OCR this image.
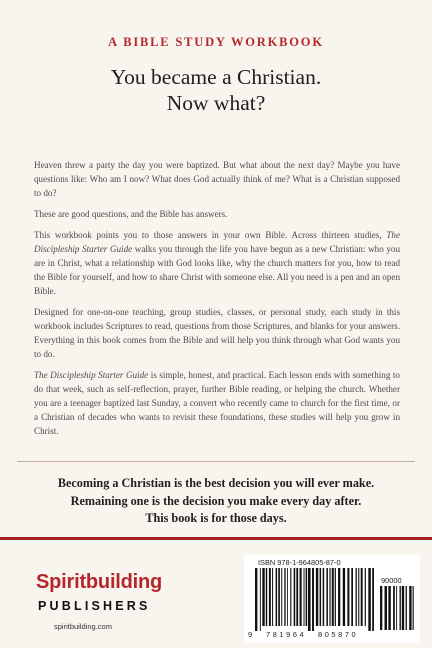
A BIBLE STUDY WORKBOOK
You became a Christian.
Now what?

Heaven threw a party the day you were baptized. But what about the next day? Maybe you have questions like: Who am I now? What does God actually think of me? What is a Christian supposed to do?

These are good questions, and the Bible has answers.

This workbook points you to those answers in your own Bible. Across thirteen studies, The Discipleship Starter Guide walks you through the life you have begun as a new Christian: who you are in Christ, what a relationship with God looks like, why the church matters for you, how to read the Bible for yourself, and how to share Christ with someone else. All you need is a pen and an open Bible.

Designed for one-on-one teaching, group studies, classes, or personal study, each study in this workbook includes Scriptures to read, questions from those Scriptures, and blanks for your answers. Everything in this book comes from the Bible and will help you think through what God wants you to do.

The Discipleship Starter Guide is simple, honest, and practical. Each lesson ends with something to do that week, such as self-reflection, prayer, further Bible reading, or helping the church. Whether you are a teenager baptized last Sunday, a convert who recently came to church for the first time, or a Christian of decades who wants to revisit these foundations, these studies will help you grow in Christ.

Becoming a Christian is the best decision you will ever make.
Remaining one is the decision you make every day after.
This book is for those days.
Spiritbuilding
PUBLISHERS
spiritbuilding.com
ISBN 978-1-964805-87-0
90000
9 781964 805870
